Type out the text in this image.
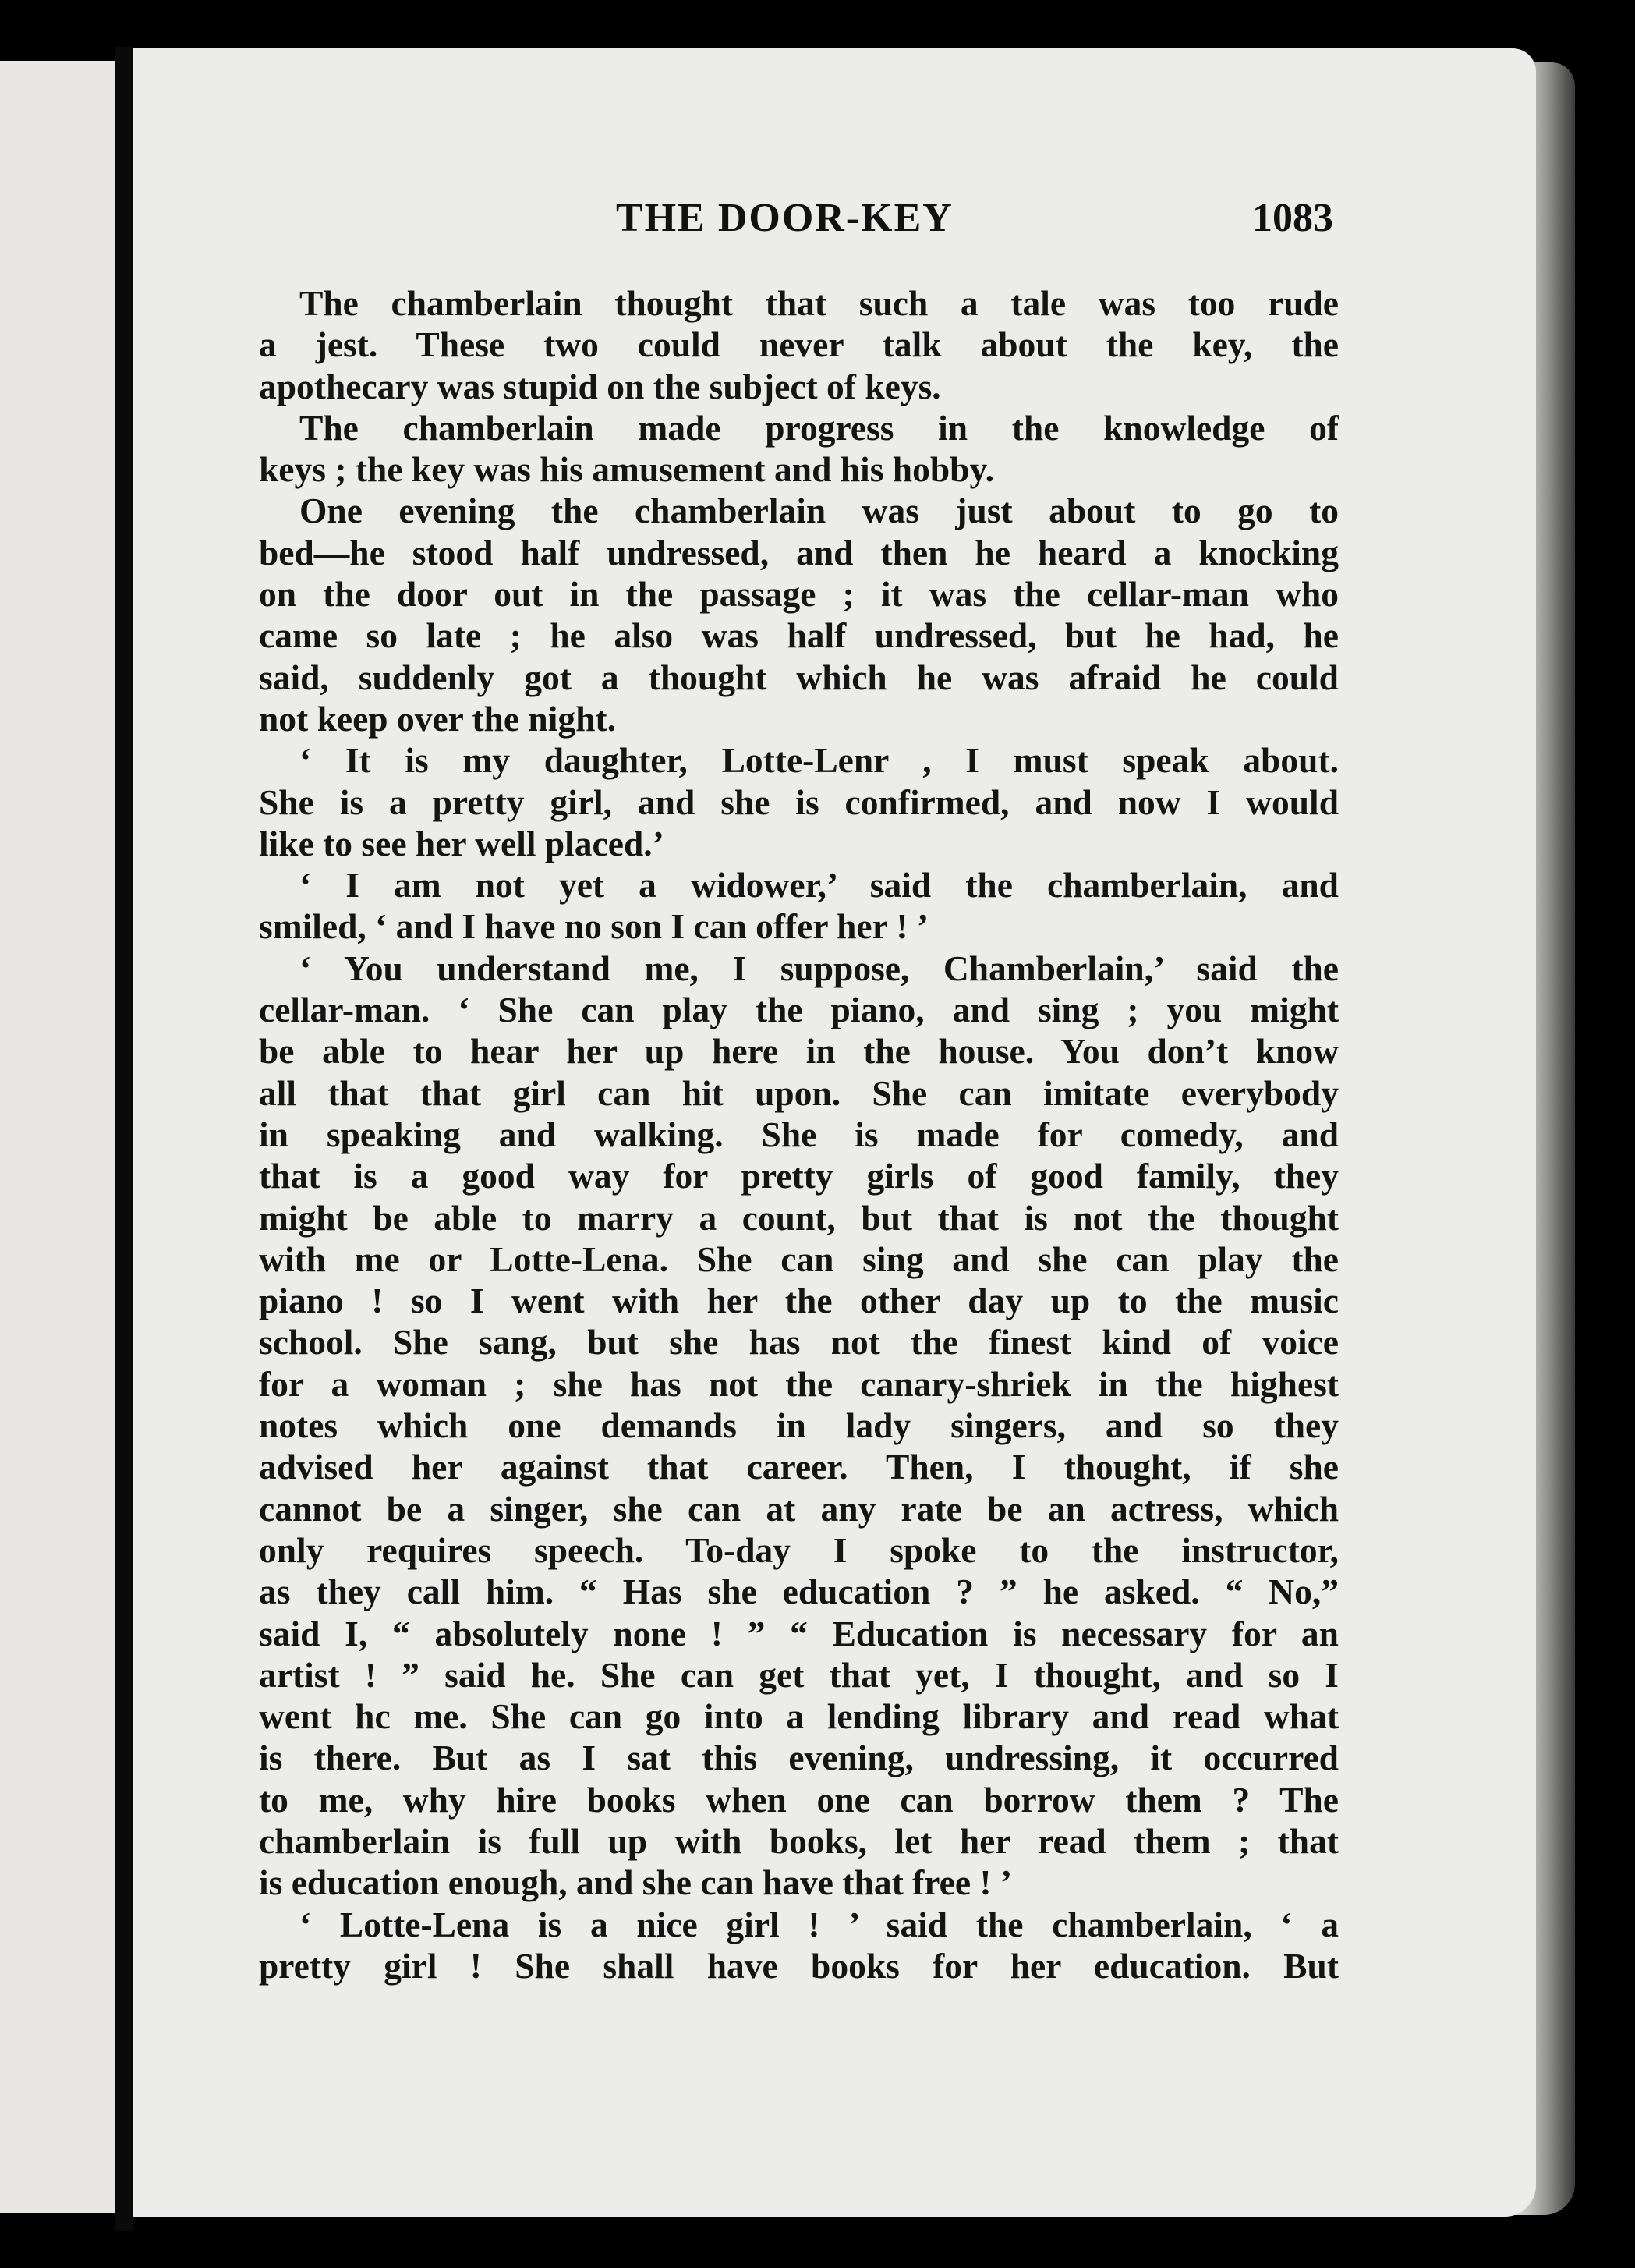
THE DOOR-KEY	1083
The chamberlain thought that such a tale was too rude
a jest. These two could never talk about the key, the
apothecary was stupid on the subject of keys.
The chamberlain made progress in the knowledge of
keys ; the key was his amusement and his hobby.
One evening the chamberlain was just about to go to
bed—he stood half undressed, and then he heard a knocking
on the door out in the passage ; it was the cellar-man who
came so late ; he also was half undressed, but he had, he
said, suddenly got a thought which he was afraid he could
not keep over the night.
‘ It is my daughter, Lotte-Lenr , I must speak about.
She is a pretty girl, and she is confirmed, and now I would
like to see her well placed.’
‘ I am not yet a widower,’ said the chamberlain, and
smiled, ‘ and I have no son I can offer her ! ’
‘ You understand me, I suppose, Chamberlain,’ said the
cellar-man. ‘ She can play the piano, and sing ; you might
be able to hear her up here in the house. You don’t know
all that that girl can hit upon. She can imitate everybody
in speaking and walking. She is made for comedy, and
that is a good way for pretty girls of good family, they
might be able to marry a count, but that is not the thought
with me or Lotte-Lena. She can sing and she can play the
piano ! so I went with her the other day up to the music
school. She sang, but she has not the finest kind of voice
for a woman ; she has not the canary-shriek in the highest
notes which one demands in lady singers, and so they
advised her against that career. Then, I thought, if she
cannot be a singer, she can at any rate be an actress, which
only requires speech. To-day I spoke to the instructor,
as they call him. “ Has she education ? ” he asked. “ No,”
said I, “ absolutely none ! ” “ Education is necessary for an
artist ! ” said he. She can get that yet, I thought, and so I
went hc me. She can go into a lending library and read what
is there. But as I sat this evening, undressing, it occurred
to me, why hire books when one can borrow them ? The
chamberlain is full up with books, let her read them ; that
is education enough, and she can have that free ! ’
‘ Lotte-Lena is a nice girl ! ’ said the chamberlain, ‘ a
pretty girl ! She shall have books for her education. But
